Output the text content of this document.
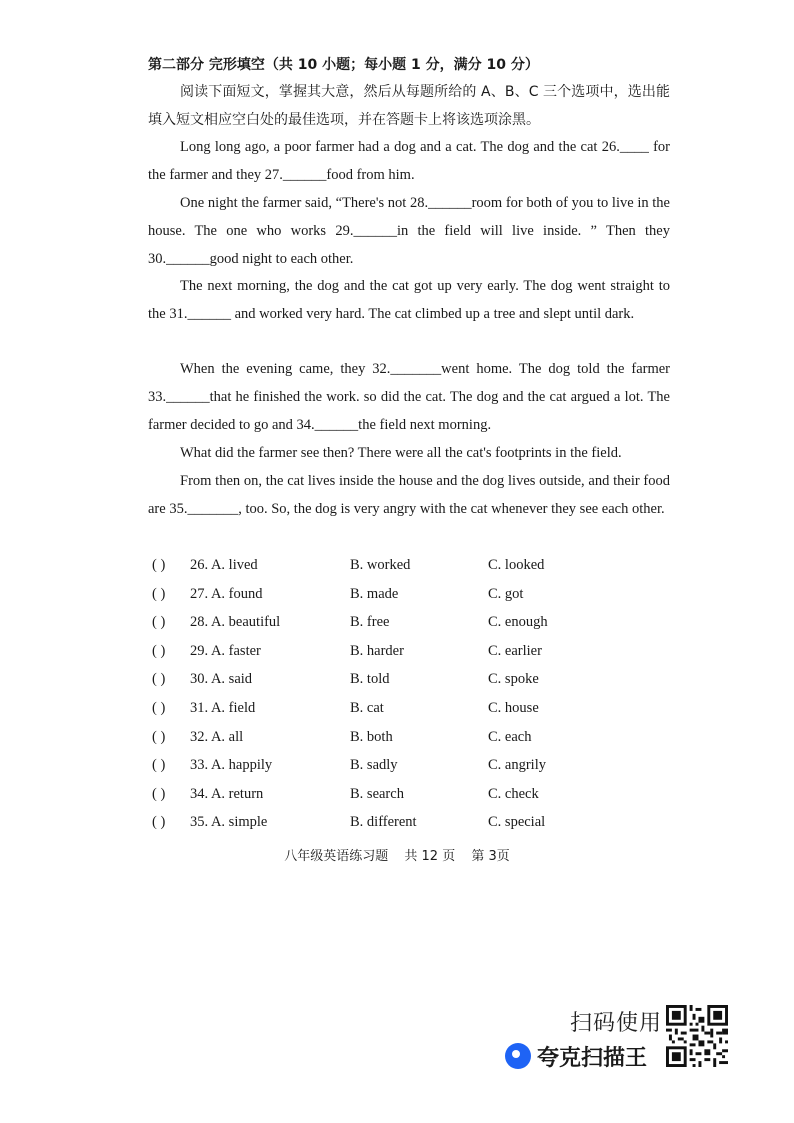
第二部分 完形填空（共 10 小题；每小题 1 分，满分 10 分）
阅读下面短文，掌握其大意，然后从每题所给的 A、B、C 三个选项中，选出能填入短文相应空白处的最佳选项，并在答题卡上将该选项涂黑。
Long long ago, a poor farmer had a dog and a cat. The dog and the cat 26.____ for the farmer and they 27.______food from him.
One night the farmer said, “There's not 28.______room for both of you to live in the house. The one who works 29.______in the field will live inside. ” Then they 30.______good night to each other.
The next morning, the dog and the cat got up very early. The dog went straight to the 31.______ and worked very hard. The cat climbed up a tree and slept until dark.
When the evening came, they 32._______went home. The dog told the farmer 33.______that he finished the work. so did the cat. The dog and the cat argued a lot. The farmer decided to go and 34.______the field next morning.
What did the farmer see then? There were all the cat's footprints in the field.
From then on, the cat lives inside the house and the dog lives outside, and their food are 35._______, too. So, the dog is very angry with the cat whenever they see each other.
( ) 26. A. lived	B. worked	C. looked
( ) 27. A. found	B. made	C. got
( ) 28. A. beautiful	B. free	C. enough
( ) 29. A. faster	B. harder	C. earlier
( ) 30. A. said	B. told	C. spoke
( ) 31. A. field	B. cat	C. house
( ) 32. A. all	B. both	C. each
( ) 33. A. happily	B. sadly	C. angrily
( ) 34. A. return	B. search	C. check
( ) 35. A. simple	B. different	C. special
八年级英语练习题 共 12 页 第 3页
扫码使用
夸克扫描王
